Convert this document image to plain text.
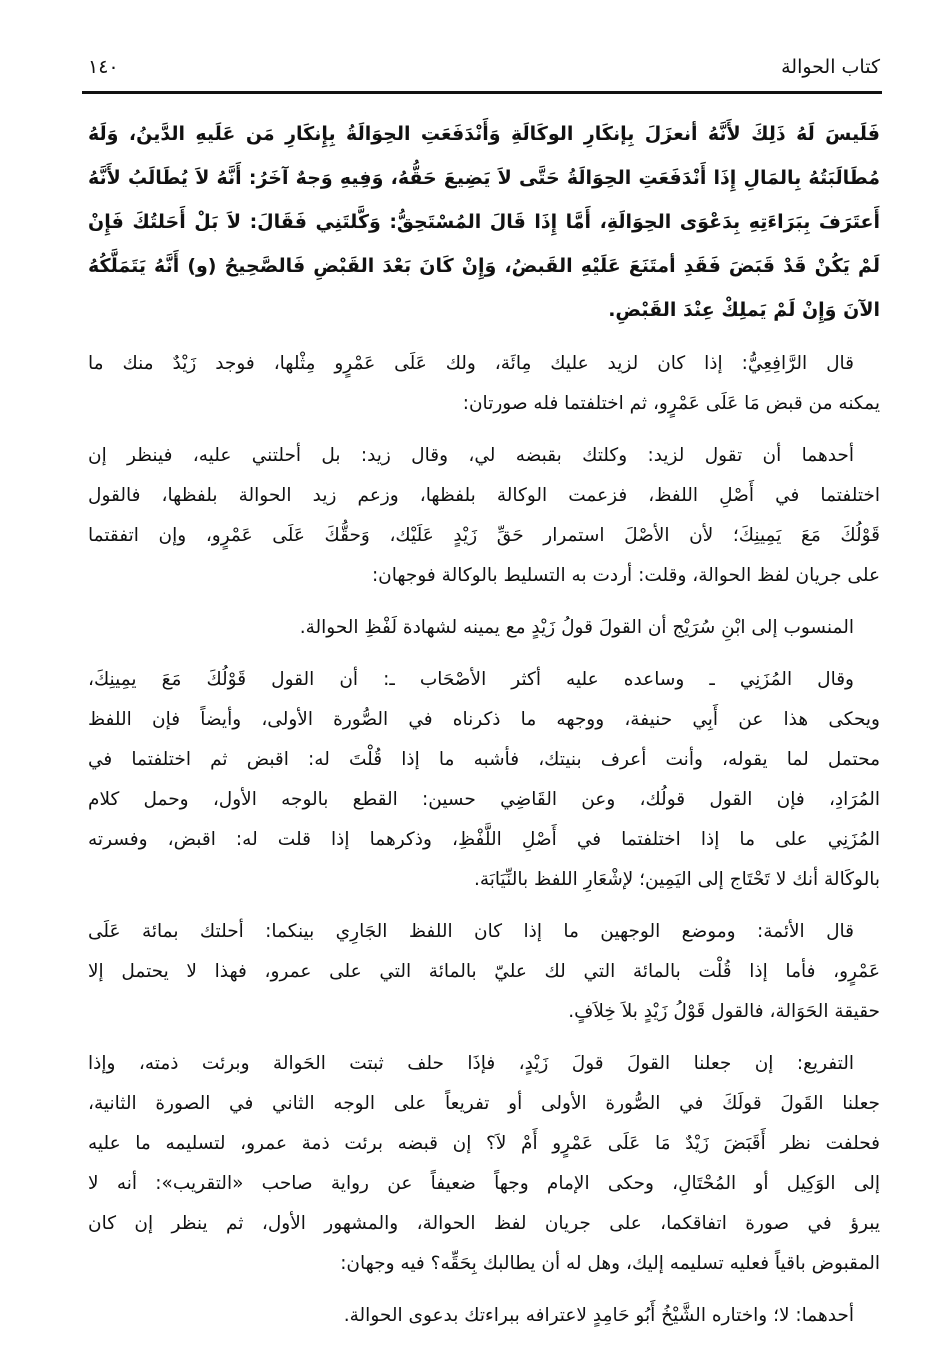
كتاب الحوالة
١٤٠
فَلَيسَ لَهُ ذَلِكَ لأَنَّهُ أنعزَلَ بِإنكَارِ الوكَالَةِ وَأَنْدَفَعَتِ الحِوَالَةُ بِإِنكَارِ مَن عَلَيهِ الدَّينُ، وَلَهُ
مُطَالَبَتُهُ بِالمَالِ إِذَا أَنْدَفَعَتِ الحِوَالَةُ حَتَّى لاَ يَضِيعَ حَقُّهُ، وَفِيهِ وَجهٌ آخَرُ: أَنَّهُ لاَ يُطَالَبُ لأَنَّهُ
أَعتَرَفَ بِبَرَاءَتِهِ بِدَعْوَى الحِوَالَةِ، أَمَّا إِذَا قَالَ المُسْتَحِقُّ: وَكَّلتَنِي فَقَالَ: لاَ بَلْ أَحَلتُكَ فَإِنْ
لَمْ يَكُنْ قَدْ قَبَضَ فَقَدِ أمتَنَعَ عَلَيْهِ القَبضُ، وَإِنْ كَانَ بَعْدَ القَبْضِ فَالصَّحِيحُ (و) أَنَّهُ يَتَمَلَّكُهُ
الآنَ وَإِنْ لَمْ يَملِكْ عِنْدَ القَبْضِ.
قال الرَّافِعِيُّ: إذا كان لزيد عليك مِائَة، ولك عَلَى عَمْرٍو مِثْلها، فوجد زَيْدٌ منك ما
يمكنه من قبض مَا عَلَى عَمْرٍو، ثم اختلفتما فله صورتان:
أحدهما أن تقول لزيد: وكلتك بقبضه لي، وقال زيد: بل أحلتني عليه، فينظر إن
اختلفتما في أَصْلِ اللفظ، فزعمت الوكالة بلفظها، وزعم زيد الحوالة بلفظها، فالقول
قَوْلُكَ مَعَ يَمِينِكَ؛ لأن الأصْلَ استمرار حَقِّ زَيْدٍ عَلَيْك، وَحقُّكَ عَلَى عَمْرٍو، وإن اتفقتما
على جريان لفظ الحوالة، وقلت: أردت به التسليط بالوكالة فوجهان:
المنسوب إلى ابْنِ سُرَيْج أن القولَ قولُ زَيْدٍ مع يمينه لشهادة لَفْظِ الحوالة.
وقال المُزَنِي ـ وساعده عليه أكثر الأصْحَاب ـ: أن القول قَوْلُكَ مَعَ يمِينِكَ،
ويحكى هذا عن أَبِي حنيفة، ووجهه ما ذكرناه في الصُّورة الأولى، وأيضاً فإن اللفظ
محتمل لما يقوله، وأنت أعرف بنيتك، فأشبه ما إذا قُلْتَ له: اقبض ثم اختلفتما في
المُرَادِ، فإن القول قولُك، وعن القَاضِي حسين: القطع بالوجه الأول، وحمل كلام
المُزَنِي على ما إذا اختلفتما في أَصْلِ اللَّفْظِ، وذكرهما إذا قلت له: اقبض، وفسرته
بالوكَالة أنك لا تَحْتَاج إلى اليَمِين؛ لإشْعَارِ اللفظ بالنِّيَابَة.
قال الأئمة: وموضع الوجهين ما إذا كان اللفظ الجَارِي بينكما: أحلتك بمائة عَلَى
عَمْرٍو، فأما إذا قُلْت بالمائة التي لك عليّ بالمائة التي على عمرو، فهذا لا يحتمل إلا
حقيقة الحَوَالة، فالقول قَوْلُ زَيْدٍ بلاَ خِلاَفٍ.
التفريع: إن جعلنا القولَ قولَ زَيْدٍ، فإذَا حلف ثبتت الحَوالة وبرئت ذمته، وإذا
جعلنا القَولَ قولَكَ في الصُّورة الأولى أو تفريعاً على الوجه الثاني في الصورة الثانية،
فحلفت نظر أَقَبَضَ زَيْدٌ مَا عَلَى عَمْرٍو أَمْ لاَ؟ إن قبضه برئت ذمة عمرو، لتسليمه ما عليه
إلى الوَكِيل أو المُحْتَالِ، وحكى الإمام وجهاً ضعيفاً عن رواية صاحب «التقريب»: أنه لا
يبرؤ في صورة اتفاقكما، على جريان لفظ الحوالة، والمشهور الأول، ثم ينظر إن كان
المقبوض باقياً فعليه تسليمه إليك، وهل له أن يطالبك بِحَقِّه؟ فيه وجهان:
أحدهما: لا؛ واختاره الشَّيْخُ أَبُو حَامِدٍ لاعترافه ببراءتك بدعوى الحوالة.
